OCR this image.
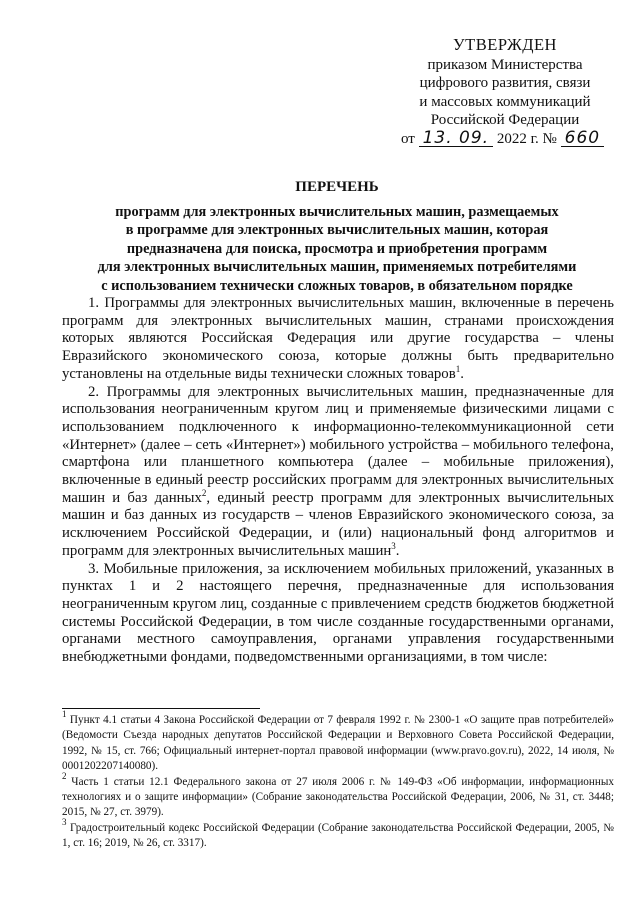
УТВЕРЖДЕН
приказом Министерства
цифрового развития, связи
и массовых коммуникаций
Российской Федерации
от 13. 09. 2022 г. № 660
ПЕРЕЧЕНЬ
программ для электронных вычислительных машин, размещаемых
в программе для электронных вычислительных машин, которая
предназначена для поиска, просмотра и приобретения программ
для электронных вычислительных машин, применяемых потребителями
с использованием технически сложных товаров, в обязательном порядке

1. Программы для электронных вычислительных машин, включенные в перечень программ для электронных вычислительных машин, странами происхождения которых являются Российская Федерация или другие государства – члены Евразийского экономического союза, которые должны быть предварительно установлены на отдельные виды технически сложных товаров$^1$.

2. Программы для электронных вычислительных машин, предназначенные для использования неограниченным кругом лиц и применяемые физическими лицами с использованием подключенного к информационно-телекоммуникационной сети «Интернет» (далее – сеть «Интернет») мобильного устройства – мобильного телефона, смартфона или планшетного компьютера (далее – мобильные приложения), включенные в единый реестр российских программ для электронных вычислительных машин и баз данных$^2$, единый реестр программ для электронных вычислительных машин и баз данных из государств – членов Евразийского экономического союза, за исключением Российской Федерации, и (или) национальный фонд алгоритмов и программ для электронных вычислительных машин$^3$.

3. Мобильные приложения, за исключением мобильных приложений, указанных в пунктах 1 и 2 настоящего перечня, предназначенные для использования неограниченным кругом лиц, созданные с привлечением средств бюджетов бюджетной системы Российской Федерации, в том числе созданные государственными органами, органами местного самоуправления, органами управления государственными внебюджетными фондами, подведомственными организациями, в том числе:

$^1$ Пункт 4.1 статьи 4 Закона Российской Федерации от 7 февраля 1992 г. № 2300-1 «О защите прав потребителей» (Ведомости Съезда народных депутатов Российской Федерации и Верховного Совета Российской Федерации, 1992, № 15, ст. 766; Официальный интернет-портал правовой информации (www.pravo.gov.ru), 2022, 14 июля, № 0001202207140080).

$^2$ Часть 1 статьи 12.1 Федерального закона от 27 июля 2006 г. № 149-ФЗ «Об информации, информационных технологиях и о защите информации» (Собрание законодательства Российской Федерации, 2006, № 31, ст. 3448; 2015, № 27, ст. 3979).

$^3$ Градостроительный кодекс Российской Федерации (Собрание законодательства Российской Федерации, 2005, № 1, ст. 16; 2019, № 26, ст. 3317).
